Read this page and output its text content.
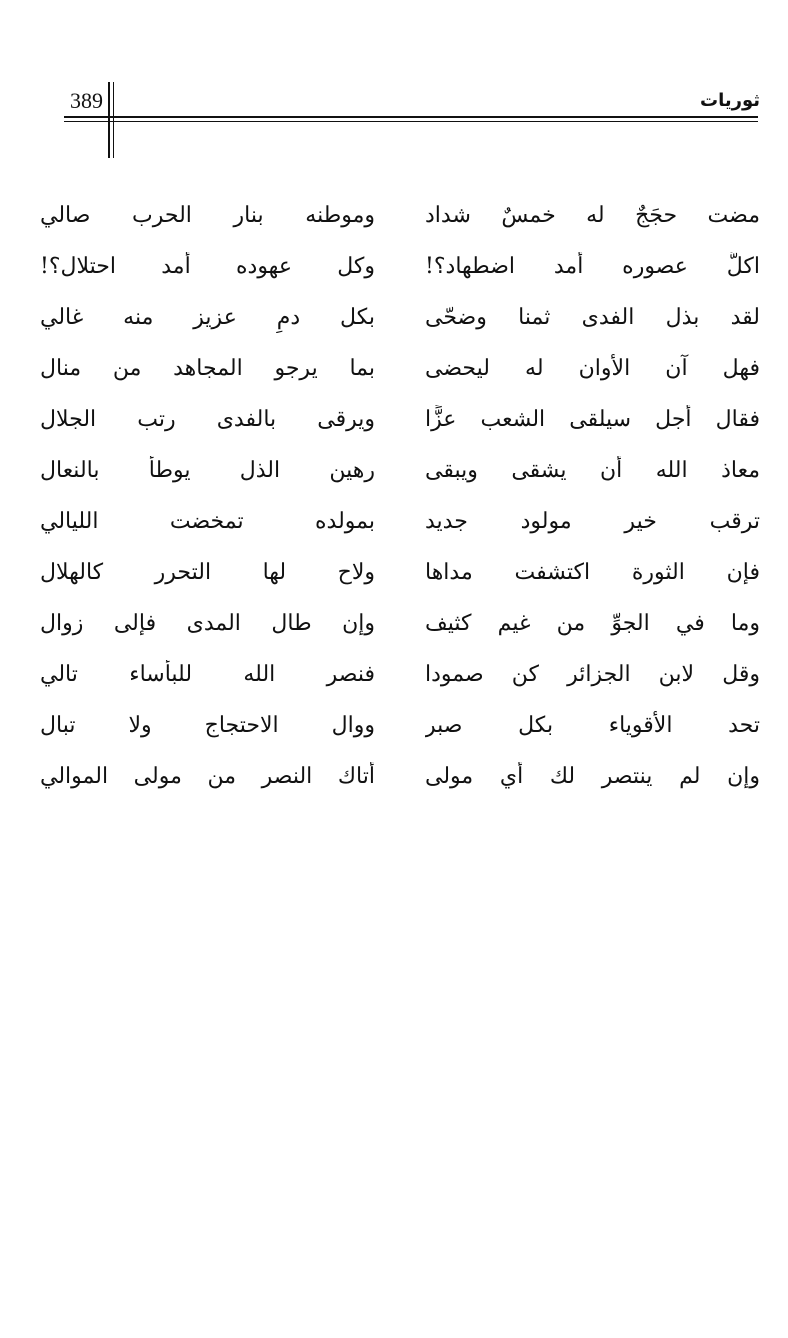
389	ثوريات
مضت حجَجٌ له خمسٌ شداد
وموطنه بنار الحرب صالي
اكلُّ عصوره أمد اضطهاد؟!
وكل عهوده أمد احتلال؟!
لقد بذل الفدى ثمنا وضحّى
بكل دمٍ عزيز منه غالي
فهل آن الأوان له ليحضى
بما يرجو المجاهد من منال
فقال أجل سيلقى الشعب عزًّا
ويرقى بالفدى رتب الجلال
معاذ الله أن يشقى ويبقى
رهين الذل يوطأ بالنعال
ترقب خير مولود جديد
بمولده تمخضت الليالي
فإن الثورة اكتشفت مداها
ولاح لها التحرر كالهلال
وما في الجوِّ من غيم كثيف
وإن طال المدى فإلى زوال
وقل لابن الجزائر كن صمودا
فنصر الله للبأساء تالي
تحد الأقوياء بكل صبر
ووال الاحتجاج ولا تبال
وإن لم ينتصر لك أي مولى
أتاك النصر من مولى الموالي
